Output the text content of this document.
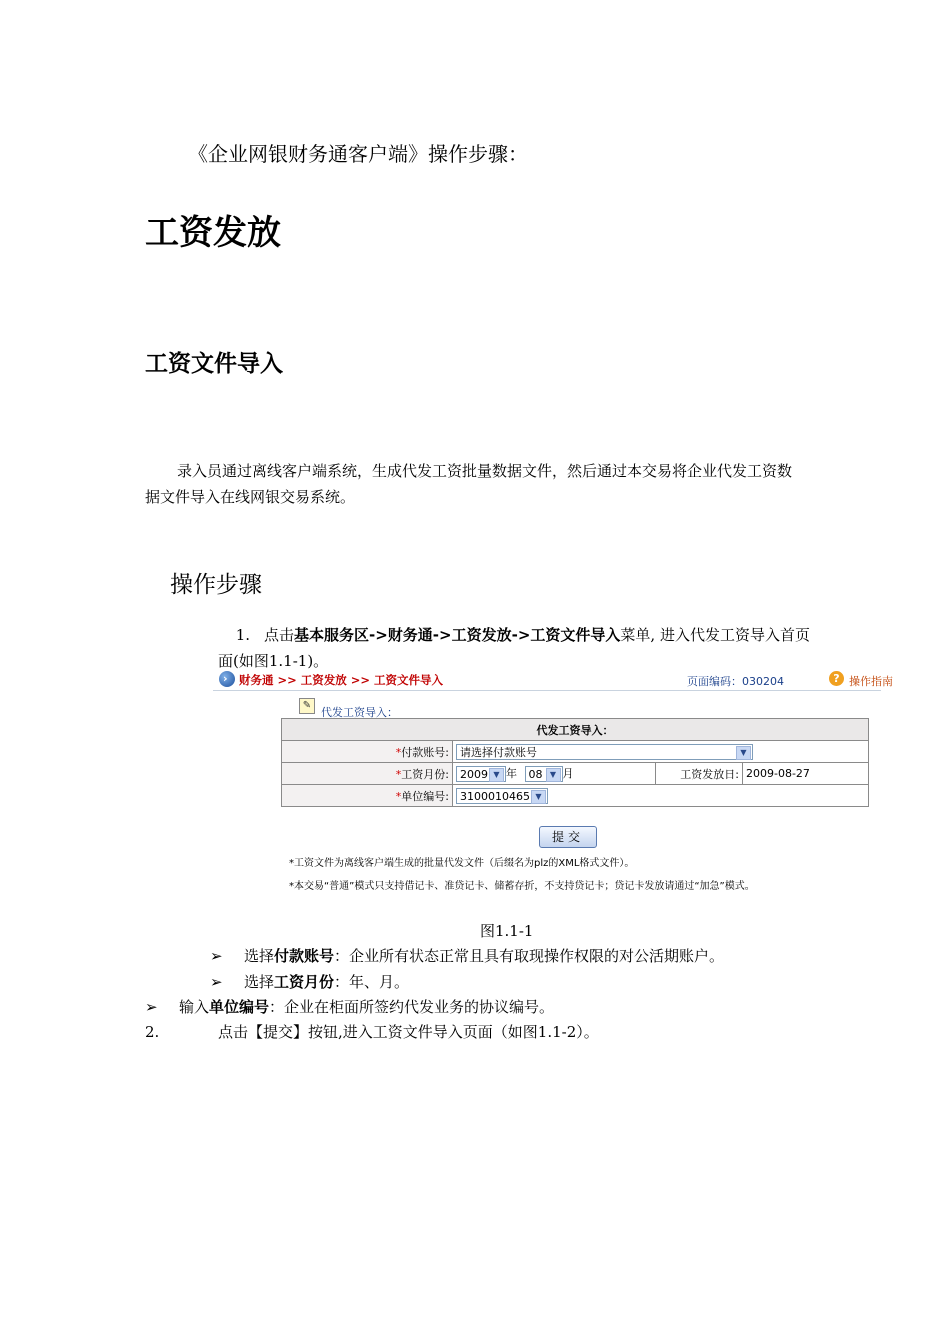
《企业网银财务通客户端》操作步骤：
工资发放
工资文件导入
录入员通过离线客户端系统，生成代发工资批量数据文件，然后通过本交易将企业代发工资数据文件导入在线网银交易系统。
操作步骤
1. 点击基本服务区->财务通->工资发放->工资文件导入菜单, 进入代发工资导入首页面(如图1.1-1)。
› 财务通 >> 工资发放 >> 工资文件导入	页面编码：030204	? 操作指南
✎
代发工资导入：
代发工资导入：			
*付款账号:	请选择付款账号 ▼		

*工资月份:	2009 ▼ 年 08 ▼ 月	工资发放日:	2009-08-27
*单位编号:	3100010465 ▼		
提交
*工资文件为离线客户端生成的批量代发文件（后缀名为plz的XML格式文件）。
*本交易“普通”模式只支持借记卡、准贷记卡、储蓄存折，不支持贷记卡；贷记卡发放请通过“加急”模式。
图1.1-1
➢ 选择付款账号：企业所有状态正常且具有取现操作权限的对公活期账户。
➢ 选择工资月份：年、月。
➢ 输入单位编号：企业在柜面所签约代发业务的协议编号。
2.	点击【提交】按钮,进入工资文件导入页面（如图1.1-2）。
